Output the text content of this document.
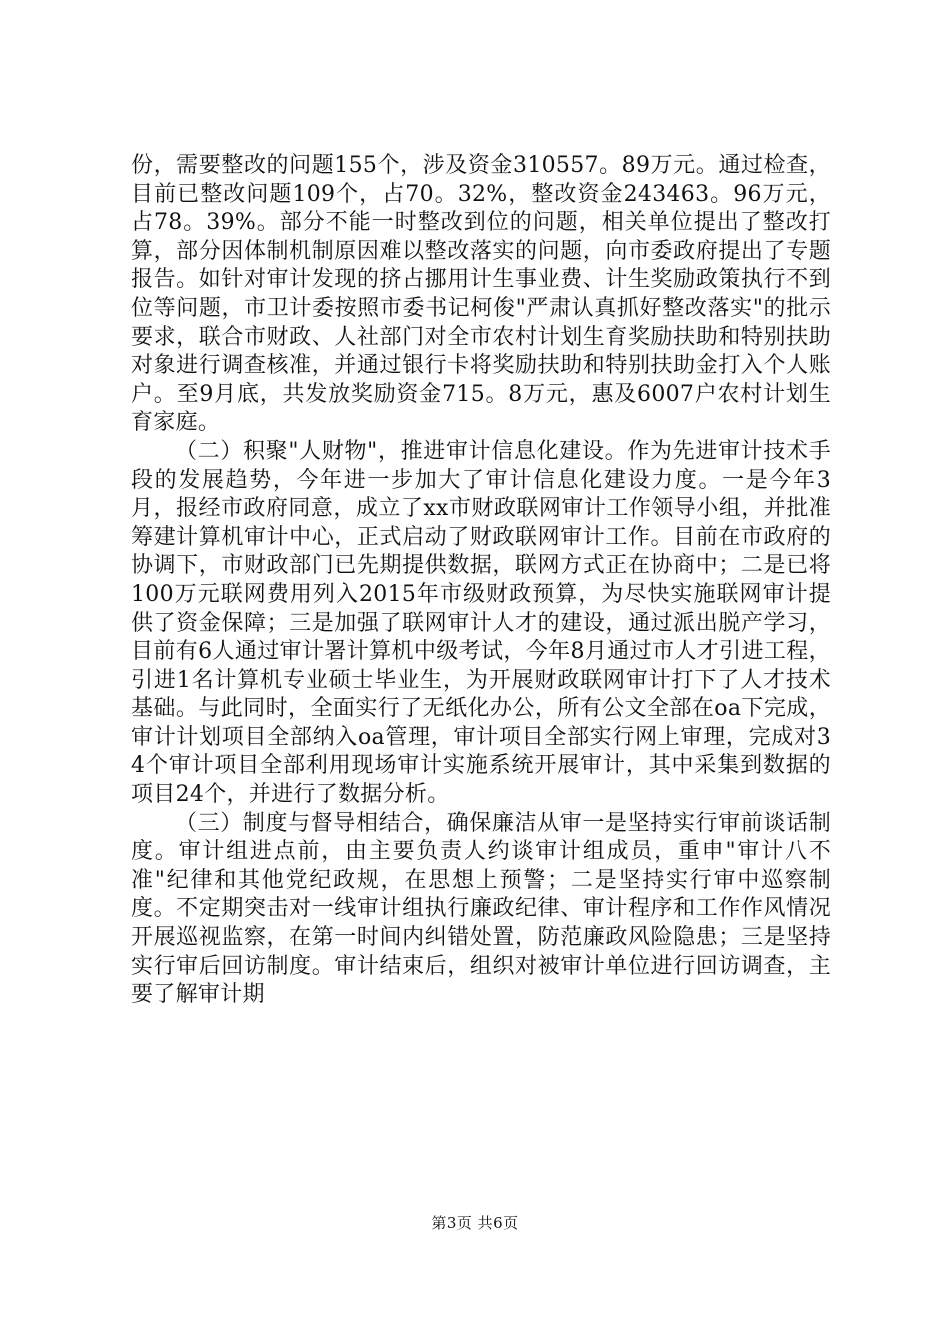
份，需要整改的问题155个，涉及资金310557。89万元。通过检查，目前已整改问题109个，占70。32%，整改资金243463。96万元，占78。39%。部分不能一时整改到位的问题，相关单位提出了整改打算，部分因体制机制原因难以整改落实的问题，向市委政府提出了专题报告。如针对审计发现的挤占挪用计生事业费、计生奖励政策执行不到位等问题，市卫计委按照市委书记柯俊"严肃认真抓好整改落实"的批示要求，联合市财政、人社部门对全市农村计划生育奖励扶助和特别扶助对象进行调查核准，并通过银行卡将奖励扶助和特别扶助金打入个人账户。至9月底，共发放奖励资金715。8万元，惠及6007户农村计划生育家庭。

（二）积聚"人财物"，推进审计信息化建设。作为先进审计技术手段的发展趋势，今年进一步加大了审计信息化建设力度。一是今年3月，报经市政府同意，成立了xx市财政联网审计工作领导小组，并批准筹建计算机审计中心，正式启动了财政联网审计工作。目前在市政府的协调下，市财政部门已先期提供数据，联网方式正在协商中；二是已将100万元联网费用列入2015年市级财政预算，为尽快实施联网审计提供了资金保障；三是加强了联网审计人才的建设，通过派出脱产学习，目前有6人通过审计署计算机中级考试，今年8月通过市人才引进工程，引进1名计算机专业硕士毕业生，为开展财政联网审计打下了人才技术基础。与此同时，全面实行了无纸化办公，所有公文全部在oa下完成，审计计划项目全部纳入oa管理，审计项目全部实行网上审理，完成对34个审计项目全部利用现场审计实施系统开展审计，其中采集到数据的项目24个，并进行了数据分析。

（三）制度与督导相结合，确保廉洁从审一是坚持实行审前谈话制度。审计组进点前，由主要负责人约谈审计组成员，重申"审计八不准"纪律和其他党纪政规，在思想上预警；二是坚持实行审中巡察制度。不定期突击对一线审计组执行廉政纪律、审计程序和工作作风情况开展巡视监察，在第一时间内纠错处置，防范廉政风险隐患；三是坚持实行审后回访制度。审计结束后，组织对被审计单位进行回访调查，主要了解审计期

第3页 共6页
